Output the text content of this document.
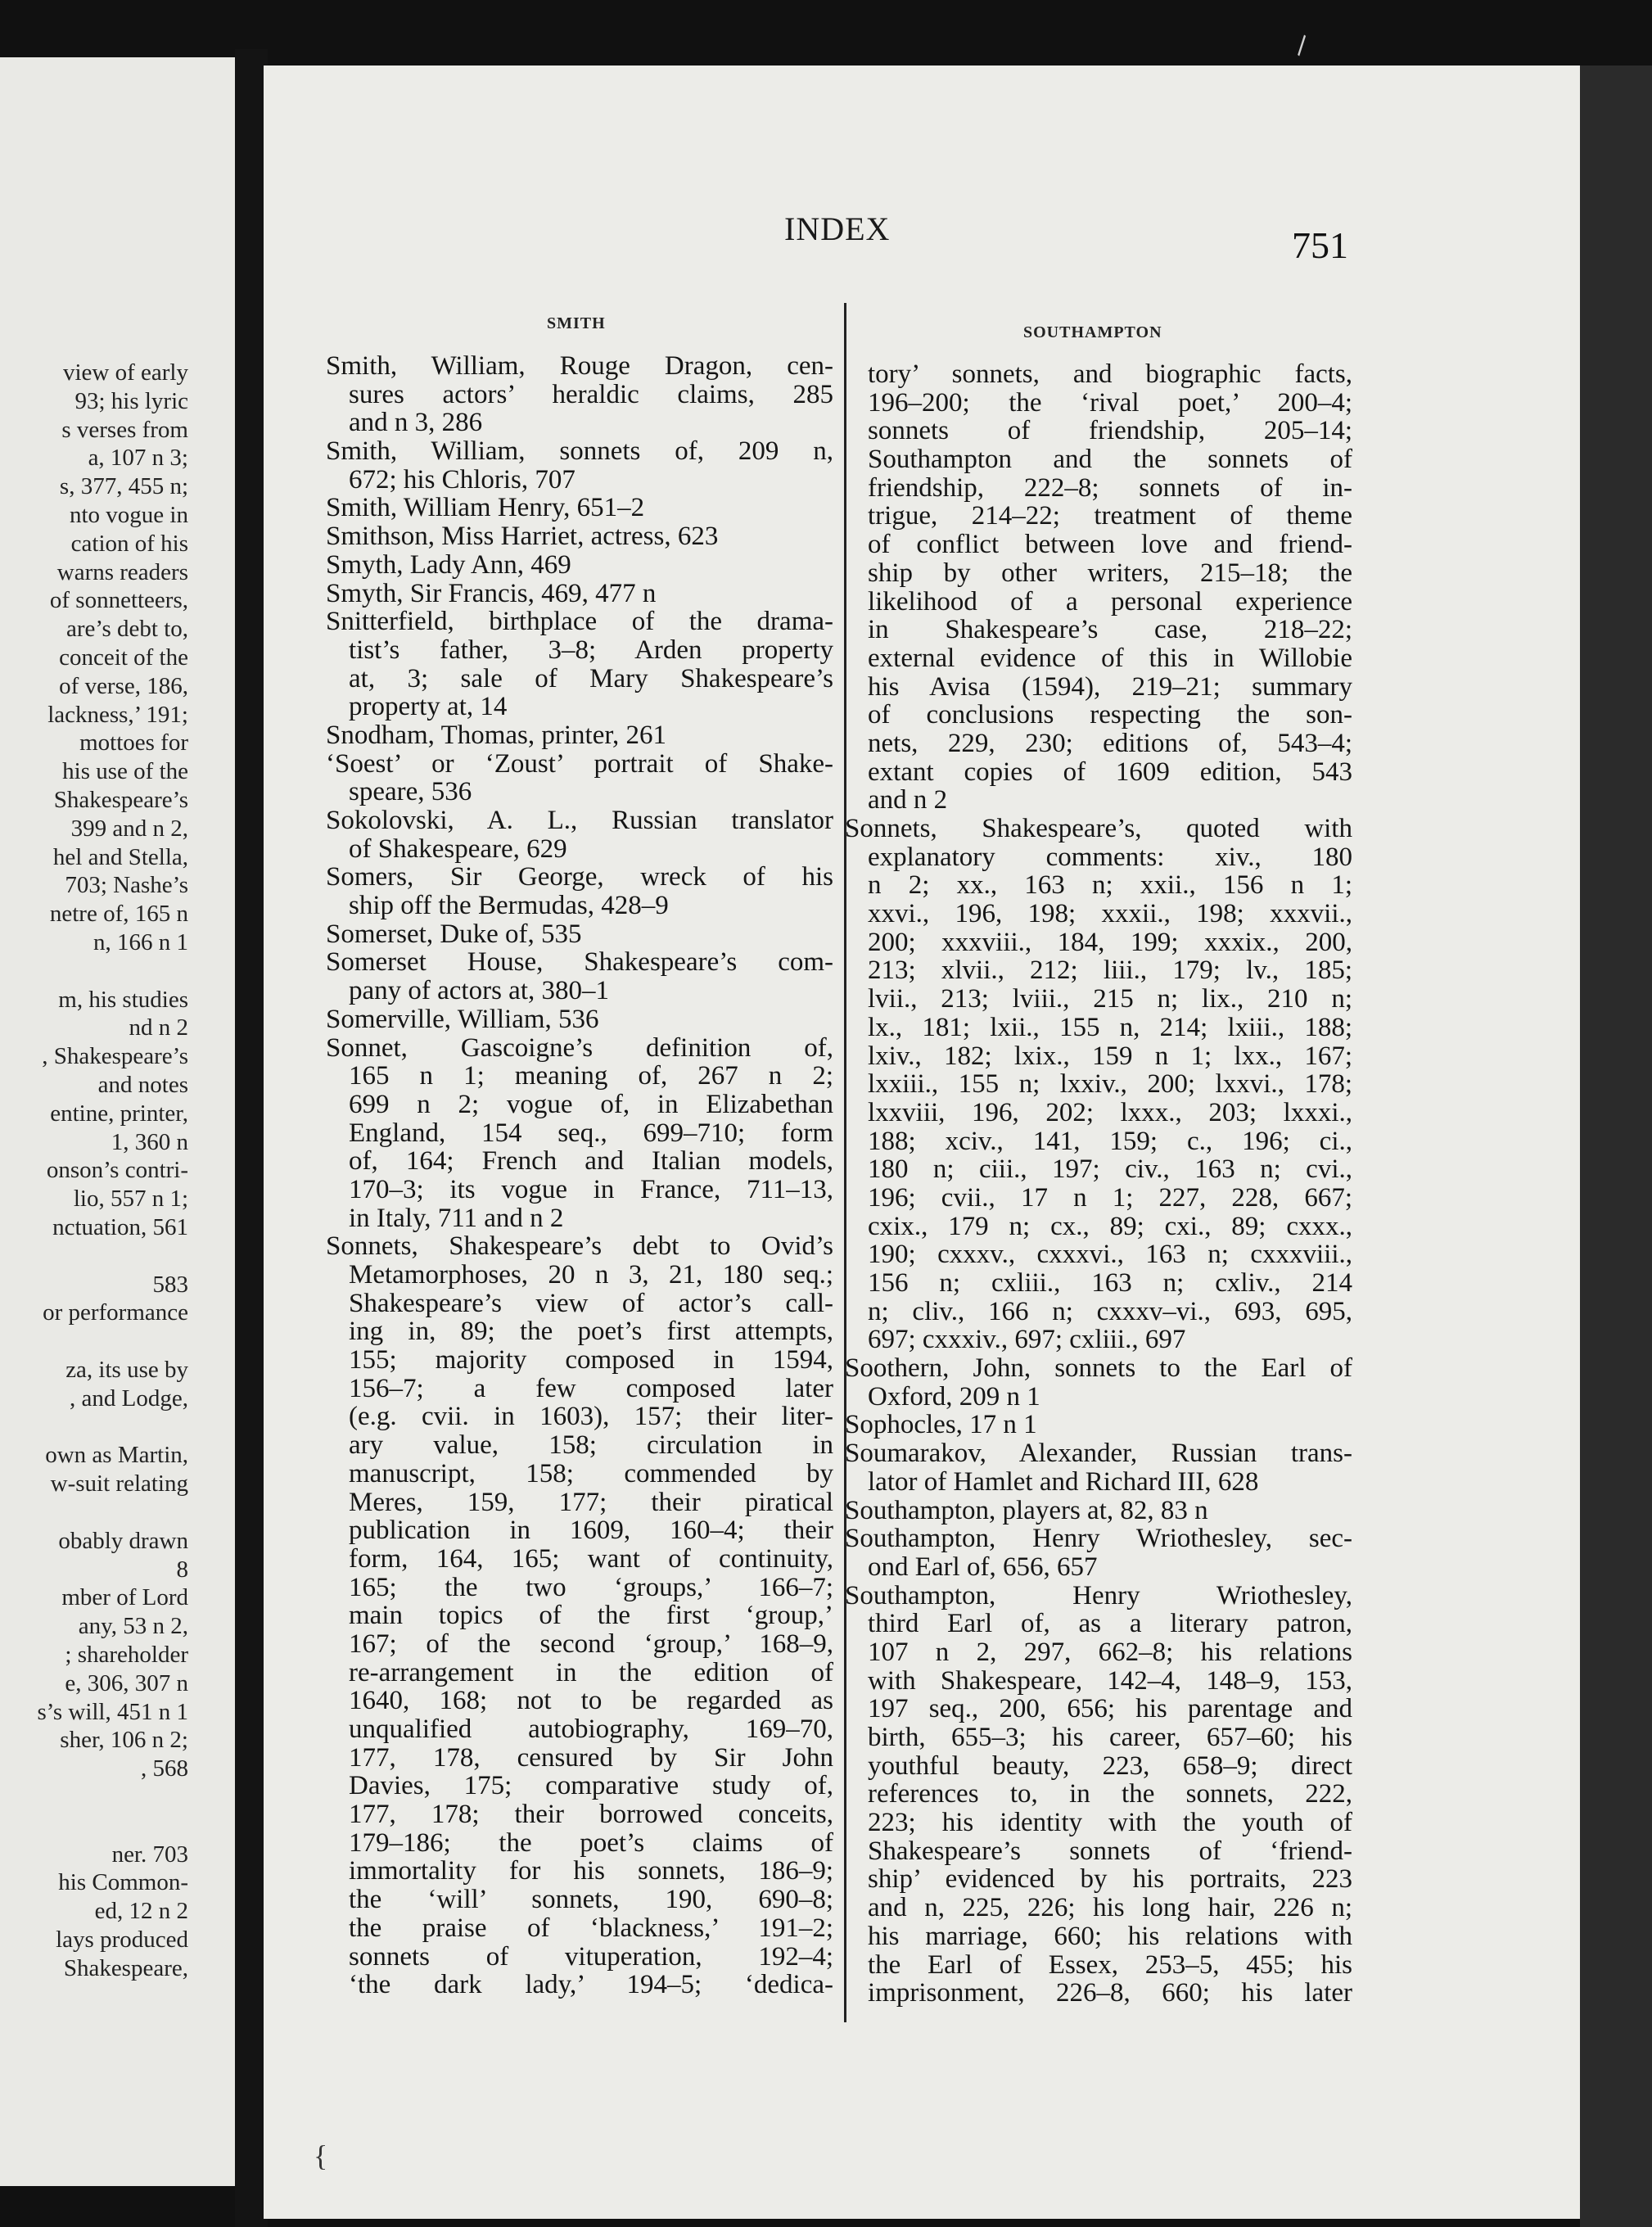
view of early
93; his lyric
s verses from
a, 107 n 3;
s, 377, 455 n;
nto vogue in
cation of his
warns readers
of sonnetteers,
are’s debt to,
conceit of the
of verse, 186,
lackness,’ 191;
mottoes for
his use of the
Shakespeare’s
399 and n 2,
hel and Stella,
703; Nashe’s
netre of, 165 n
n, 166 n 1
m, his studies
nd n 2
, Shakespeare’s
and notes
entine, printer,
1, 360 n
onson’s contri-
lio, 557 n 1;
nctuation, 561
583
or performance
za, its use by
, and Lodge,
own as Martin,
w-suit relating
obably drawn
8
mber of Lord
any, 53 n 2,
; shareholder
e, 306, 307 n
s’s will, 451 n 1
sher, 106 n 2;
, 568
ner. 703
his Common-
ed, 12 n 2
lays produced
Shakespeare,
\
INDEX	751
SMITH	SOUTHAMPTON
Smith, William, Rouge Dragon, cen-
sures actors’ heraldic claims, 285
and n 3, 286
Smith, William, sonnets of, 209 n,
672; his Chloris, 707
Smith, William Henry, 651–2
Smithson, Miss Harriet, actress, 623
Smyth, Lady Ann, 469
Smyth, Sir Francis, 469, 477 n
Snitterfield, birthplace of the drama-
tist’s father, 3–8; Arden property
at, 3; sale of Mary Shakespeare’s
property at, 14
Snodham, Thomas, printer, 261
‘Soest’ or ‘Zoust’ portrait of Shake-
speare, 536
Sokolovski, A. L., Russian translator
of Shakespeare, 629
Somers, Sir George, wreck of his
ship off the Bermudas, 428–9
Somerset, Duke of, 535
Somerset House, Shakespeare’s com-
pany of actors at, 380–1
Somerville, William, 536
Sonnet, Gascoigne’s definition of,
165 n 1; meaning of, 267 n 2;
699 n 2; vogue of, in Elizabethan
England, 154 seq., 699–710; form
of, 164; French and Italian models,
170–3; its vogue in France, 711–13,
in Italy, 711 and n 2
Sonnets, Shakespeare’s debt to Ovid’s
Metamorphoses, 20 n 3, 21, 180 seq.;
Shakespeare’s view of actor’s call-
ing in, 89; the poet’s first attempts,
155; majority composed in 1594,
156–7; a few composed later
(e.g. cvii. in 1603), 157; their liter-
ary value, 158; circulation in
manuscript, 158; commended by
Meres, 159, 177; their piratical
publication in 1609, 160–4; their
form, 164, 165; want of continuity,
165; the two ‘groups,’ 166–7;
main topics of the first ‘group,’
167; of the second ‘group,’ 168–9,
re-arrangement in the edition of
1640, 168; not to be regarded as
unqualified autobiography, 169–70,
177, 178, censured by Sir John
Davies, 175; comparative study of,
177, 178; their borrowed conceits,
179–186; the poet’s claims of
immortality for his sonnets, 186–9;
the ‘will’ sonnets, 190, 690–8;
the praise of ‘blackness,’ 191–2;
sonnets of vituperation, 192–4;
‘the dark lady,’ 194–5; ‘dedica-
tory’ sonnets, and biographic facts,
196–200; the ‘rival poet,’ 200–4;
sonnets of friendship, 205–14;
Southampton and the sonnets of
friendship, 222–8; sonnets of in-
trigue, 214–22; treatment of theme
of conflict between love and friend-
ship by other writers, 215–18; the
likelihood of a personal experience
in Shakespeare’s case, 218–22;
external evidence of this in Willobie
his Avisa (1594), 219–21; summary
of conclusions respecting the son-
nets, 229, 230; editions of, 543–4;
extant copies of 1609 edition, 543
and n 2
Sonnets, Shakespeare’s, quoted with
explanatory comments: xiv., 180
n 2; xx., 163 n; xxii., 156 n 1;
xxvi., 196, 198; xxxii., 198; xxxvii.,
200; xxxviii., 184, 199; xxxix., 200,
213; xlvii., 212; liii., 179; lv., 185;
lvii., 213; lviii., 215 n; lix., 210 n;
lx., 181; lxii., 155 n, 214; lxiii., 188;
lxiv., 182; lxix., 159 n 1; lxx., 167;
lxxiii., 155 n; lxxiv., 200; lxxvi., 178;
lxxviii, 196, 202; lxxx., 203; lxxxi.,
188; xciv., 141, 159; c., 196; ci.,
180 n; ciii., 197; civ., 163 n; cvi.,
196; cvii., 17 n 1; 227, 228, 667;
cxix., 179 n; cx., 89; cxi., 89; cxxx.,
190; cxxxv., cxxxvi., 163 n; cxxxviii.,
156 n; cxliii., 163 n; cxliv., 214
n; cliv., 166 n; cxxxv–vi., 693, 695,
697; cxxxiv., 697; cxliii., 697
Soothern, John, sonnets to the Earl of
Oxford, 209 n 1
Sophocles, 17 n 1
Soumarakov, Alexander, Russian trans-
lator of Hamlet and Richard III, 628
Southampton, players at, 82, 83 n
Southampton, Henry Wriothesley, sec-
ond Earl of, 656, 657
Southampton, Henry Wriothesley,
third Earl of, as a literary patron,
107 n 2, 297, 662–8; his relations
with Shakespeare, 142–4, 148–9, 153,
197 seq., 200, 656; his parentage and
birth, 655–3; his career, 657–60; his
youthful beauty, 223, 658–9; direct
references to, in the sonnets, 222,
223; his identity with the youth of
Shakespeare’s sonnets of ‘friend-
ship’ evidenced by his portraits, 223
and n, 225, 226; his long hair, 226 n;
his marriage, 660; his relations with
the Earl of Essex, 253–5, 455; his
imprisonment, 226–8, 660; his later
{
